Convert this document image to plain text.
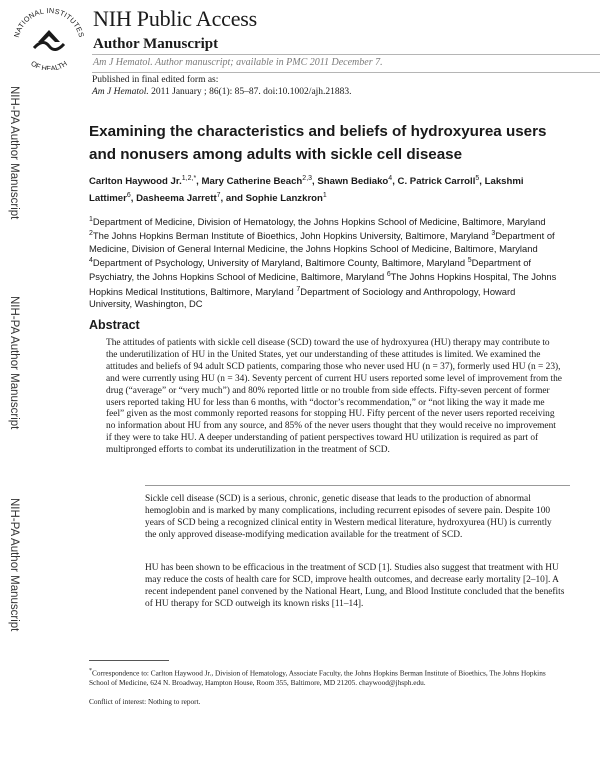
NATIONAL INSTITUTES
OF HEALTH
NIH Public Access
Author Manuscript
Am J Hematol. Author manuscript; available in PMC 2011 December 7.
Published in final edited form as:
Am J Hematol. 2011 January ; 86(1): 85–87. doi:10.1002/ajh.21883.
NIH-PA Author Manuscript
NIH-PA Author Manuscript
NIH-PA Author Manuscript
Examining the characteristics and beliefs of hydroxyurea users and nonusers among adults with sickle cell disease
Carlton Haywood Jr.$^{1,2,*}$, Mary Catherine Beach$^{2,3}$, Shawn Bediako$^4$, C. Patrick Carroll$^5$, Lakshmi Lattimer$^6$, Dasheema Jarrett$^7$, and Sophie Lanzkron$^1$
$^1$Department of Medicine, Division of Hematology, the Johns Hopkins School of Medicine, Baltimore, Maryland $^2$The Johns Hopkins Berman Institute of Bioethics, John Hopkins University, Baltimore, Maryland $^3$Department of Medicine, Division of General Internal Medicine, the Johns Hopkins School of Medicine, Baltimore, Maryland $^4$Department of Psychology, University of Maryland, Baltimore County, Baltimore, Maryland $^5$Department of Psychiatry, the Johns Hopkins School of Medicine, Baltimore, Maryland $^6$The Johns Hopkins Hospital, The Johns Hopkins Medical Institutions, Baltimore, Maryland $^7$Department of Sociology and Anthropology, Howard University, Washington, DC
Abstract
The attitudes of patients with sickle cell disease (SCD) toward the use of hydroxyurea (HU) therapy may contribute to the underutilization of HU in the United States, yet our understanding of these attitudes is limited. We examined the attitudes and beliefs of 94 adult SCD patients, comparing those who never used HU (n = 37), formerly used HU (n = 23), and were currently using HU (n = 34). Seventy percent of current HU users reported some level of improvement from the drug (“average” or “very much”) and 80% reported little or no trouble from side effects. Fifty-seven percent of former users reported taking HU for less than 6 months, with “doctor’s recommendation,” or “not liking the way it made me feel” given as the most commonly reported reasons for stopping HU. Fifty percent of the never users reported receiving no information about HU from any source, and 85% of the never users thought that they would receive no improvement if they were to take HU. A deeper understanding of patient perspectives toward HU utilization is required as part of multipronged efforts to combat its underutilization in the treatment of SCD.
Sickle cell disease (SCD) is a serious, chronic, genetic disease that leads to the production of abnormal hemoglobin and is marked by many complications, including recurrent episodes of severe pain. Despite 100 years of SCD being a recognized clinical entity in Western medical literature, hydroxyurea (HU) is currently the only approved disease-modifying medication available for the treatment of SCD.
HU has been shown to be efficacious in the treatment of SCD [1]. Studies also suggest that treatment with HU may reduce the costs of health care for SCD, improve health outcomes, and decrease early mortality [2–10]. A recent independent panel convened by the National Heart, Lung, and Blood Institute concluded that the benefits of HU therapy for SCD outweigh its known risks [11–14].
*Correspondence to: Carlton Haywood Jr., Division of Hematology, Associate Faculty, the Johns Hopkins Berman Institute of Bioethics, The Johns Hopkins School of Medicine, 624 N. Broadway, Hampton House, Room 355, Baltimore, MD 21205. chaywood@jhsph.edu.
Conflict of interest: Nothing to report.
